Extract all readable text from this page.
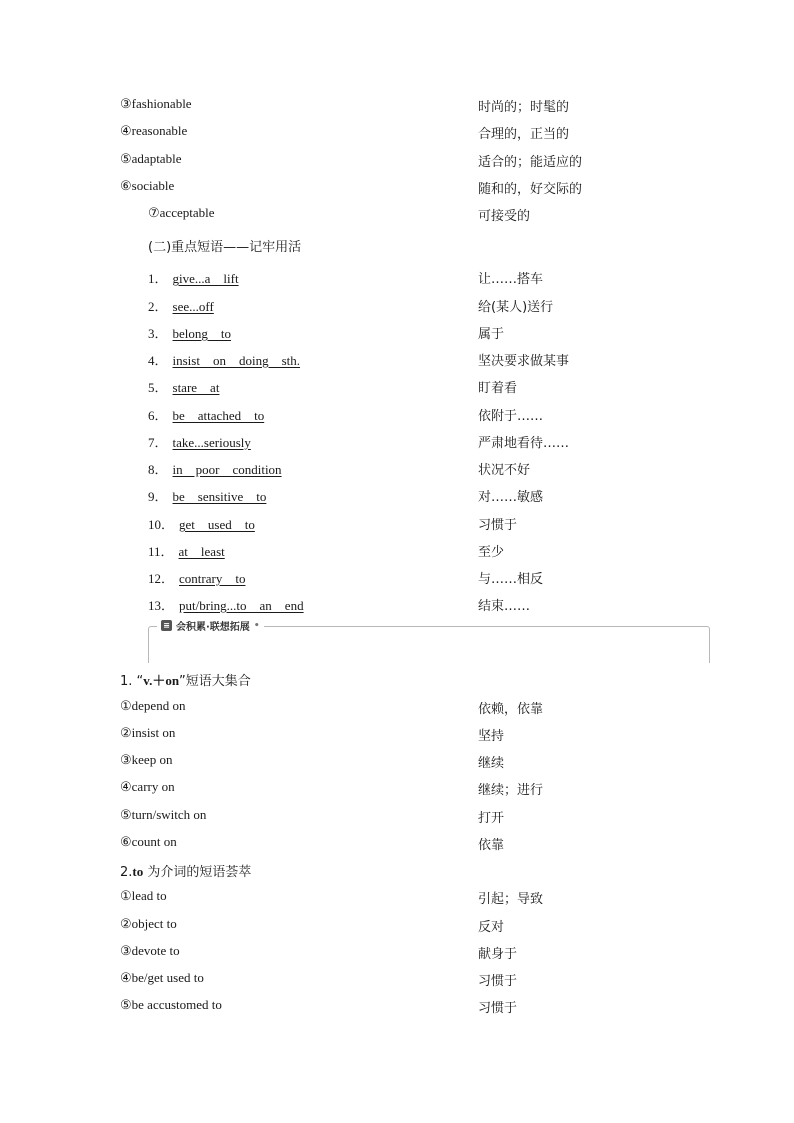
③fashionable	时尚的；时髦的
④reasonable	合理的，正当的
⑤adaptable	适合的；能适应的
⑥sociable	随和的，好交际的
⑦acceptable	可接受的
(二)重点短语——记牢用活
1． give...a　lift	让……搭车
2． see...off	给(某人)送行
3． belong　to	属于
4． insist　on　doing　sth.	坚决要求做某事
5． stare　at	盯着看
6． be　attached　to	依附于……
7． take...seriously	严肃地看待……
8． in　poor　condition	状况不好
9． be　sensitive　to	对……敏感
10． get　used　to	习惯于
11． at　least	至少
12． contrary　to	与……相反
13． put/bring...to　an　end	结束……
≡ 会积累·联想拓展 •
1. “v.＋on”短语大集合
①depend on	依赖，依靠
②insist on	坚持
③keep on	继续
④carry on	继续；进行
⑤turn/switch on	打开
⑥count on	依靠
2.to 为介词的短语荟萃
①lead to	引起；导致
②object to	反对
③devote to	献身于
④be/get used to	习惯于
⑤be accustomed to	习惯于
